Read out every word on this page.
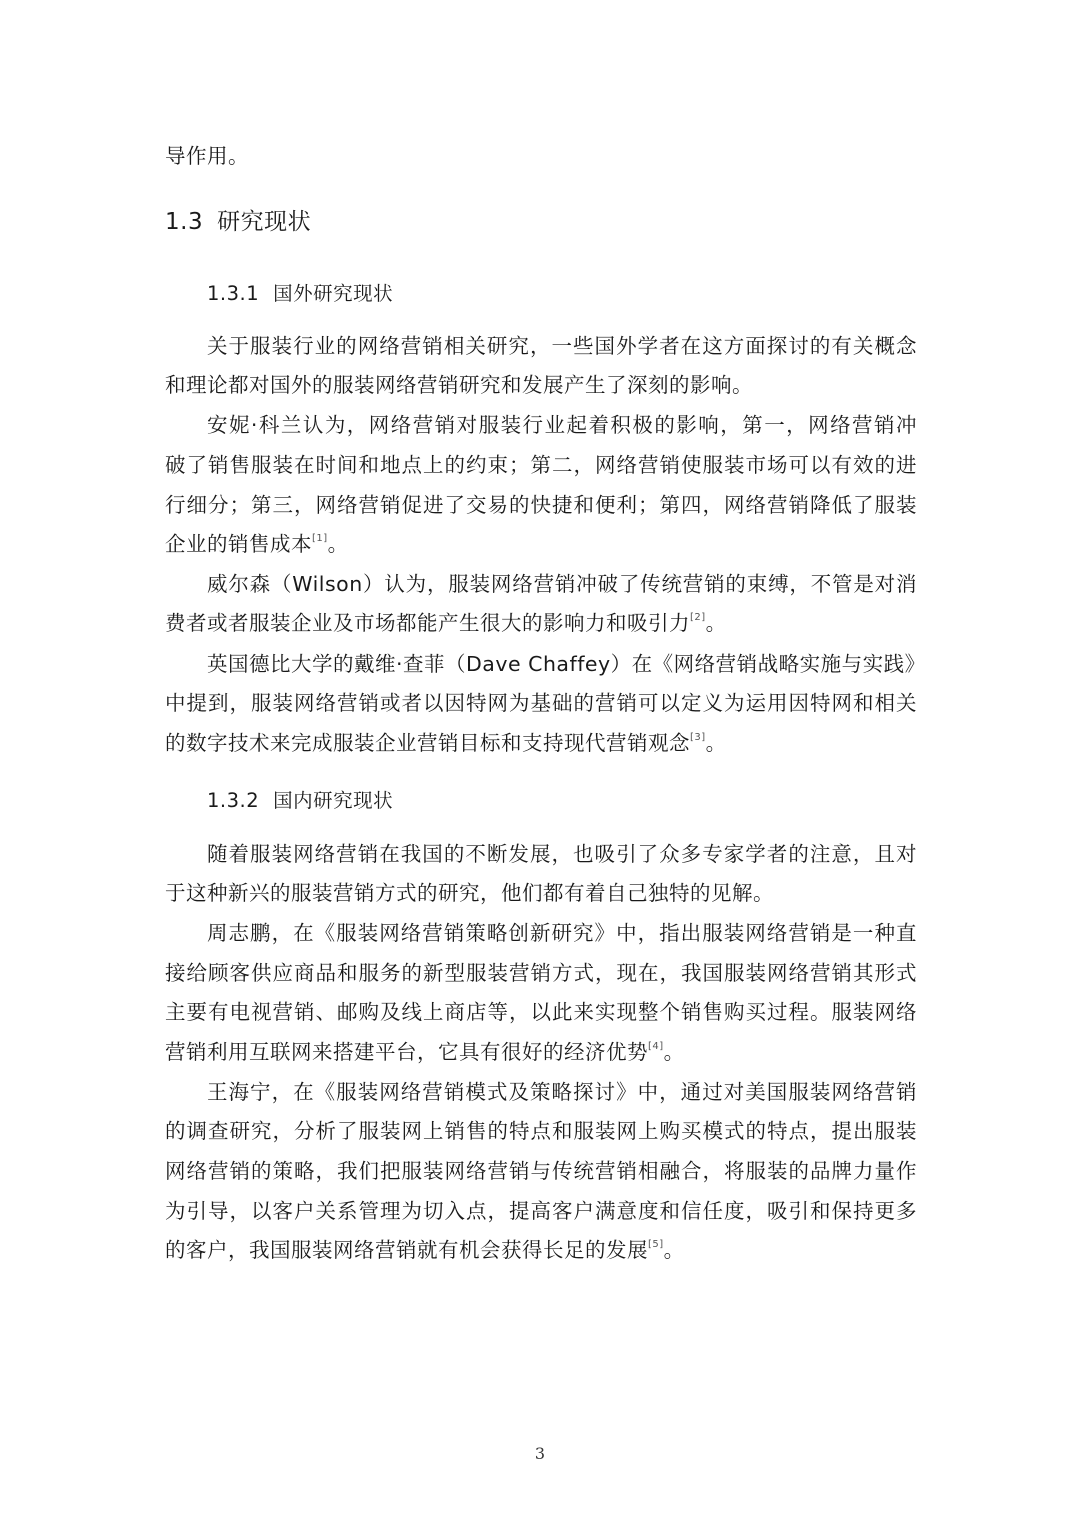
导作用。
1.3 研究现状
1.3.1 国外研究现状
关于服装行业的网络营销相关研究，一些国外学者在这方面探讨的有关概念
和理论都对国外的服装网络营销研究和发展产生了深刻的影响。
安妮·科兰认为，网络营销对服装行业起着积极的影响，第一，网络营销冲
破了销售服装在时间和地点上的约束；第二，网络营销使服装市场可以有效的进
行细分；第三，网络营销促进了交易的快捷和便利；第四，网络营销降低了服装
企业的销售成本[1]。
威尔森（Wilson）认为，服装网络营销冲破了传统营销的束缚，不管是对消
费者或者服装企业及市场都能产生很大的影响力和吸引力[2]。
英国德比大学的戴维·查菲（Dave Chaffey）在《网络营销战略实施与实践》
中提到，服装网络营销或者以因特网为基础的营销可以定义为运用因特网和相关
的数字技术来完成服装企业营销目标和支持现代营销观念[3]。
1.3.2 国内研究现状
随着服装网络营销在我国的不断发展，也吸引了众多专家学者的注意，且对
于这种新兴的服装营销方式的研究，他们都有着自己独特的见解。
周志鹏，在《服装网络营销策略创新研究》中，指出服装网络营销是一种直
接给顾客供应商品和服务的新型服装营销方式，现在，我国服装网络营销其形式
主要有电视营销、邮购及线上商店等，以此来实现整个销售购买过程。服装网络
营销利用互联网来搭建平台，它具有很好的经济优势[4]。
王海宁，在《服装网络营销模式及策略探讨》中，通过对美国服装网络营销
的调查研究，分析了服装网上销售的特点和服装网上购买模式的特点，提出服装
网络营销的策略，我们把服装网络营销与传统营销相融合，将服装的品牌力量作
为引导，以客户关系管理为切入点，提高客户满意度和信任度，吸引和保持更多
的客户，我国服装网络营销就有机会获得长足的发展[5]。
3
